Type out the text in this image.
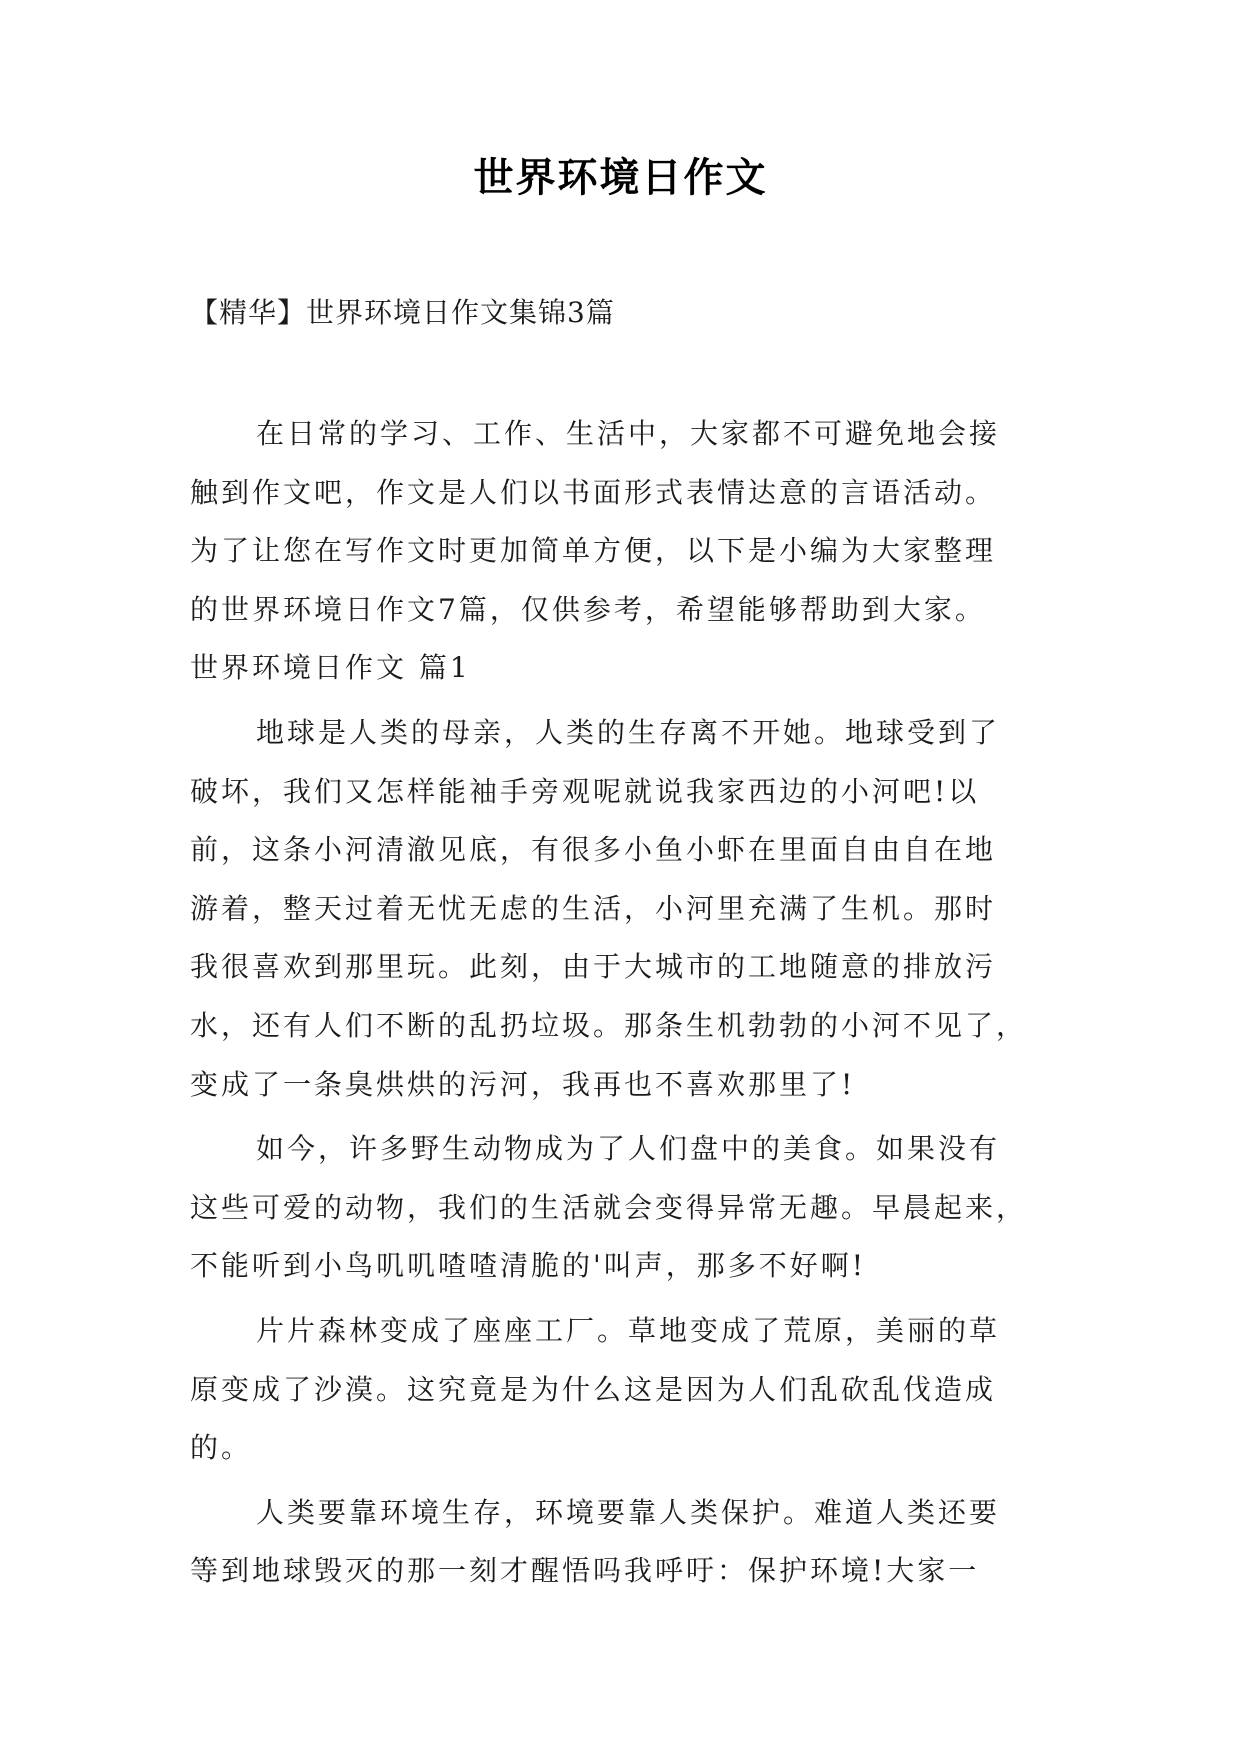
世界环境日作文

【精华】世界环境日作文集锦3篇

在日常的学习、工作、生活中，大家都不可避免地会接
触到作文吧，作文是人们以书面形式表情达意的言语活动。
为了让您在写作文时更加简单方便，以下是小编为大家整理
的世界环境日作文7篇，仅供参考，希望能够帮助到大家。
世界环境日作文 篇1
地球是人类的母亲，人类的生存离不开她。地球受到了
破坏，我们又怎样能袖手旁观呢就说我家西边的小河吧!以
前，这条小河清澈见底，有很多小鱼小虾在里面自由自在地
游着，整天过着无忧无虑的生活，小河里充满了生机。那时
我很喜欢到那里玩。此刻，由于大城市的工地随意的排放污
水，还有人们不断的乱扔垃圾。那条生机勃勃的小河不见了，
变成了一条臭烘烘的污河，我再也不喜欢那里了!
如今，许多野生动物成为了人们盘中的美食。如果没有
这些可爱的动物，我们的生活就会变得异常无趣。早晨起来，
不能听到小鸟叽叽喳喳清脆的'叫声，那多不好啊!
片片森林变成了座座工厂。草地变成了荒原，美丽的草
原变成了沙漠。这究竟是为什么这是因为人们乱砍乱伐造成
的。
人类要靠环境生存，环境要靠人类保护。难道人类还要
等到地球毁灭的那一刻才醒悟吗我呼吁：保护环境!大家一
